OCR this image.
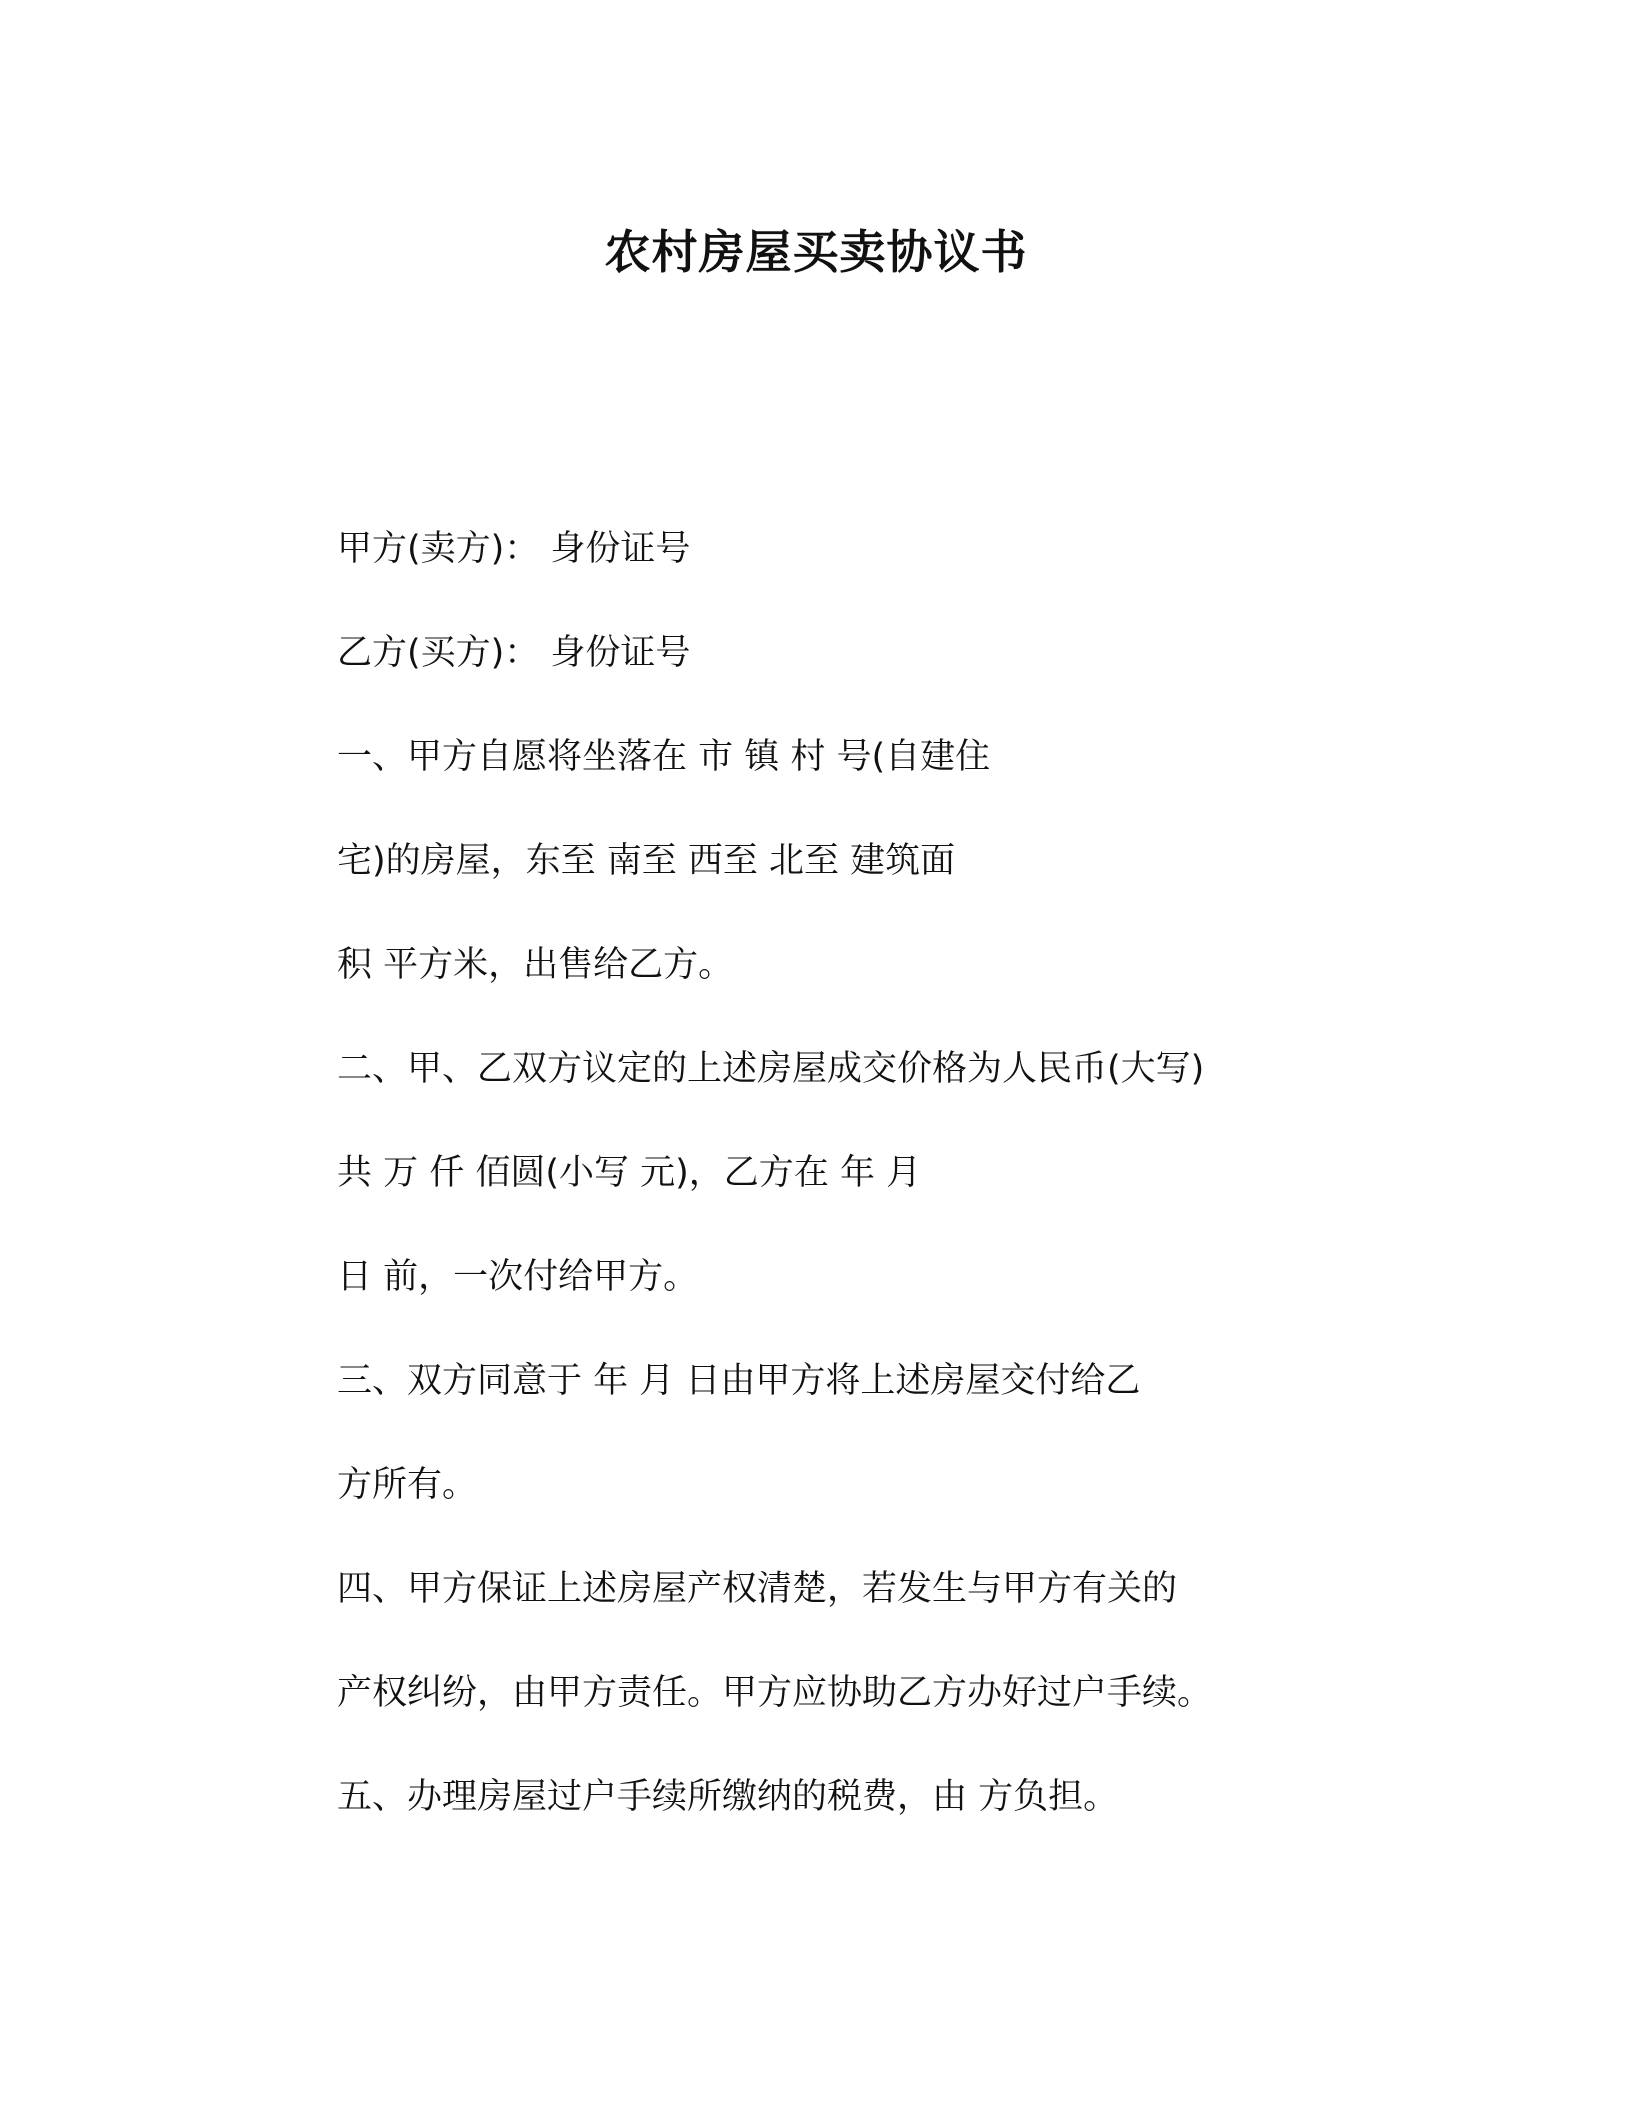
农村房屋买卖协议书

甲方(卖方)： 身份证号

乙方(买方)： 身份证号

一、甲方自愿将坐落在 市 镇 村 号(自建住

宅)的房屋，东至 南至 西至 北至 建筑面

积 平方米，出售给乙方。

二、甲、乙双方议定的上述房屋成交价格为人民币(大写)

共 万 仟 佰圆(小写 元)，乙方在 年 月

日 前，一次付给甲方。

三、双方同意于 年 月 日由甲方将上述房屋交付给乙

方所有。

四、甲方保证上述房屋产权清楚，若发生与甲方有关的

产权纠纷，由甲方责任。甲方应协助乙方办好过户手续。

五、办理房屋过户手续所缴纳的税费，由 方负担。
